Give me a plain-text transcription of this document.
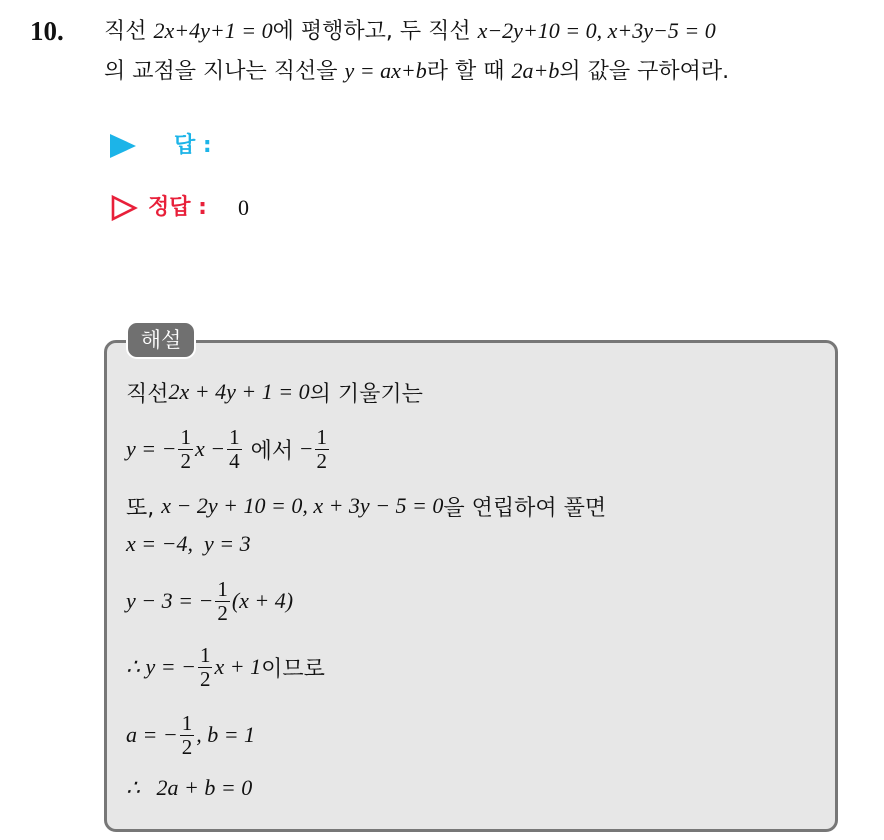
10. 직선 2x+4y+1 = 0에 평행하고, 두 직선 x−2y+10 = 0, x+3y−5 = 0
의 교점을 지나는 직선을 y = ax+b라 할 때 2a+b의 값을 구하여라.
답 :
정답 : 0
해설
직선 2x + 4y + 1 = 0 의 기울기는
y = − $\frac{1}{2}$ $x - \frac{1}{4}$ 에서 − $\frac{1}{2}$
또, x − 2y + 10 = 0, x + 3y − 5 = 0 을 연립하여 풀면
x = −4,  y = 3
y − 3 = − $\frac{1}{2} (x + 4)$
∴ y = − $\frac{1}{2}$ x + 1 이므로
a = − $\frac{1}{2}$ , b = 1
∴   2a + b = 0
